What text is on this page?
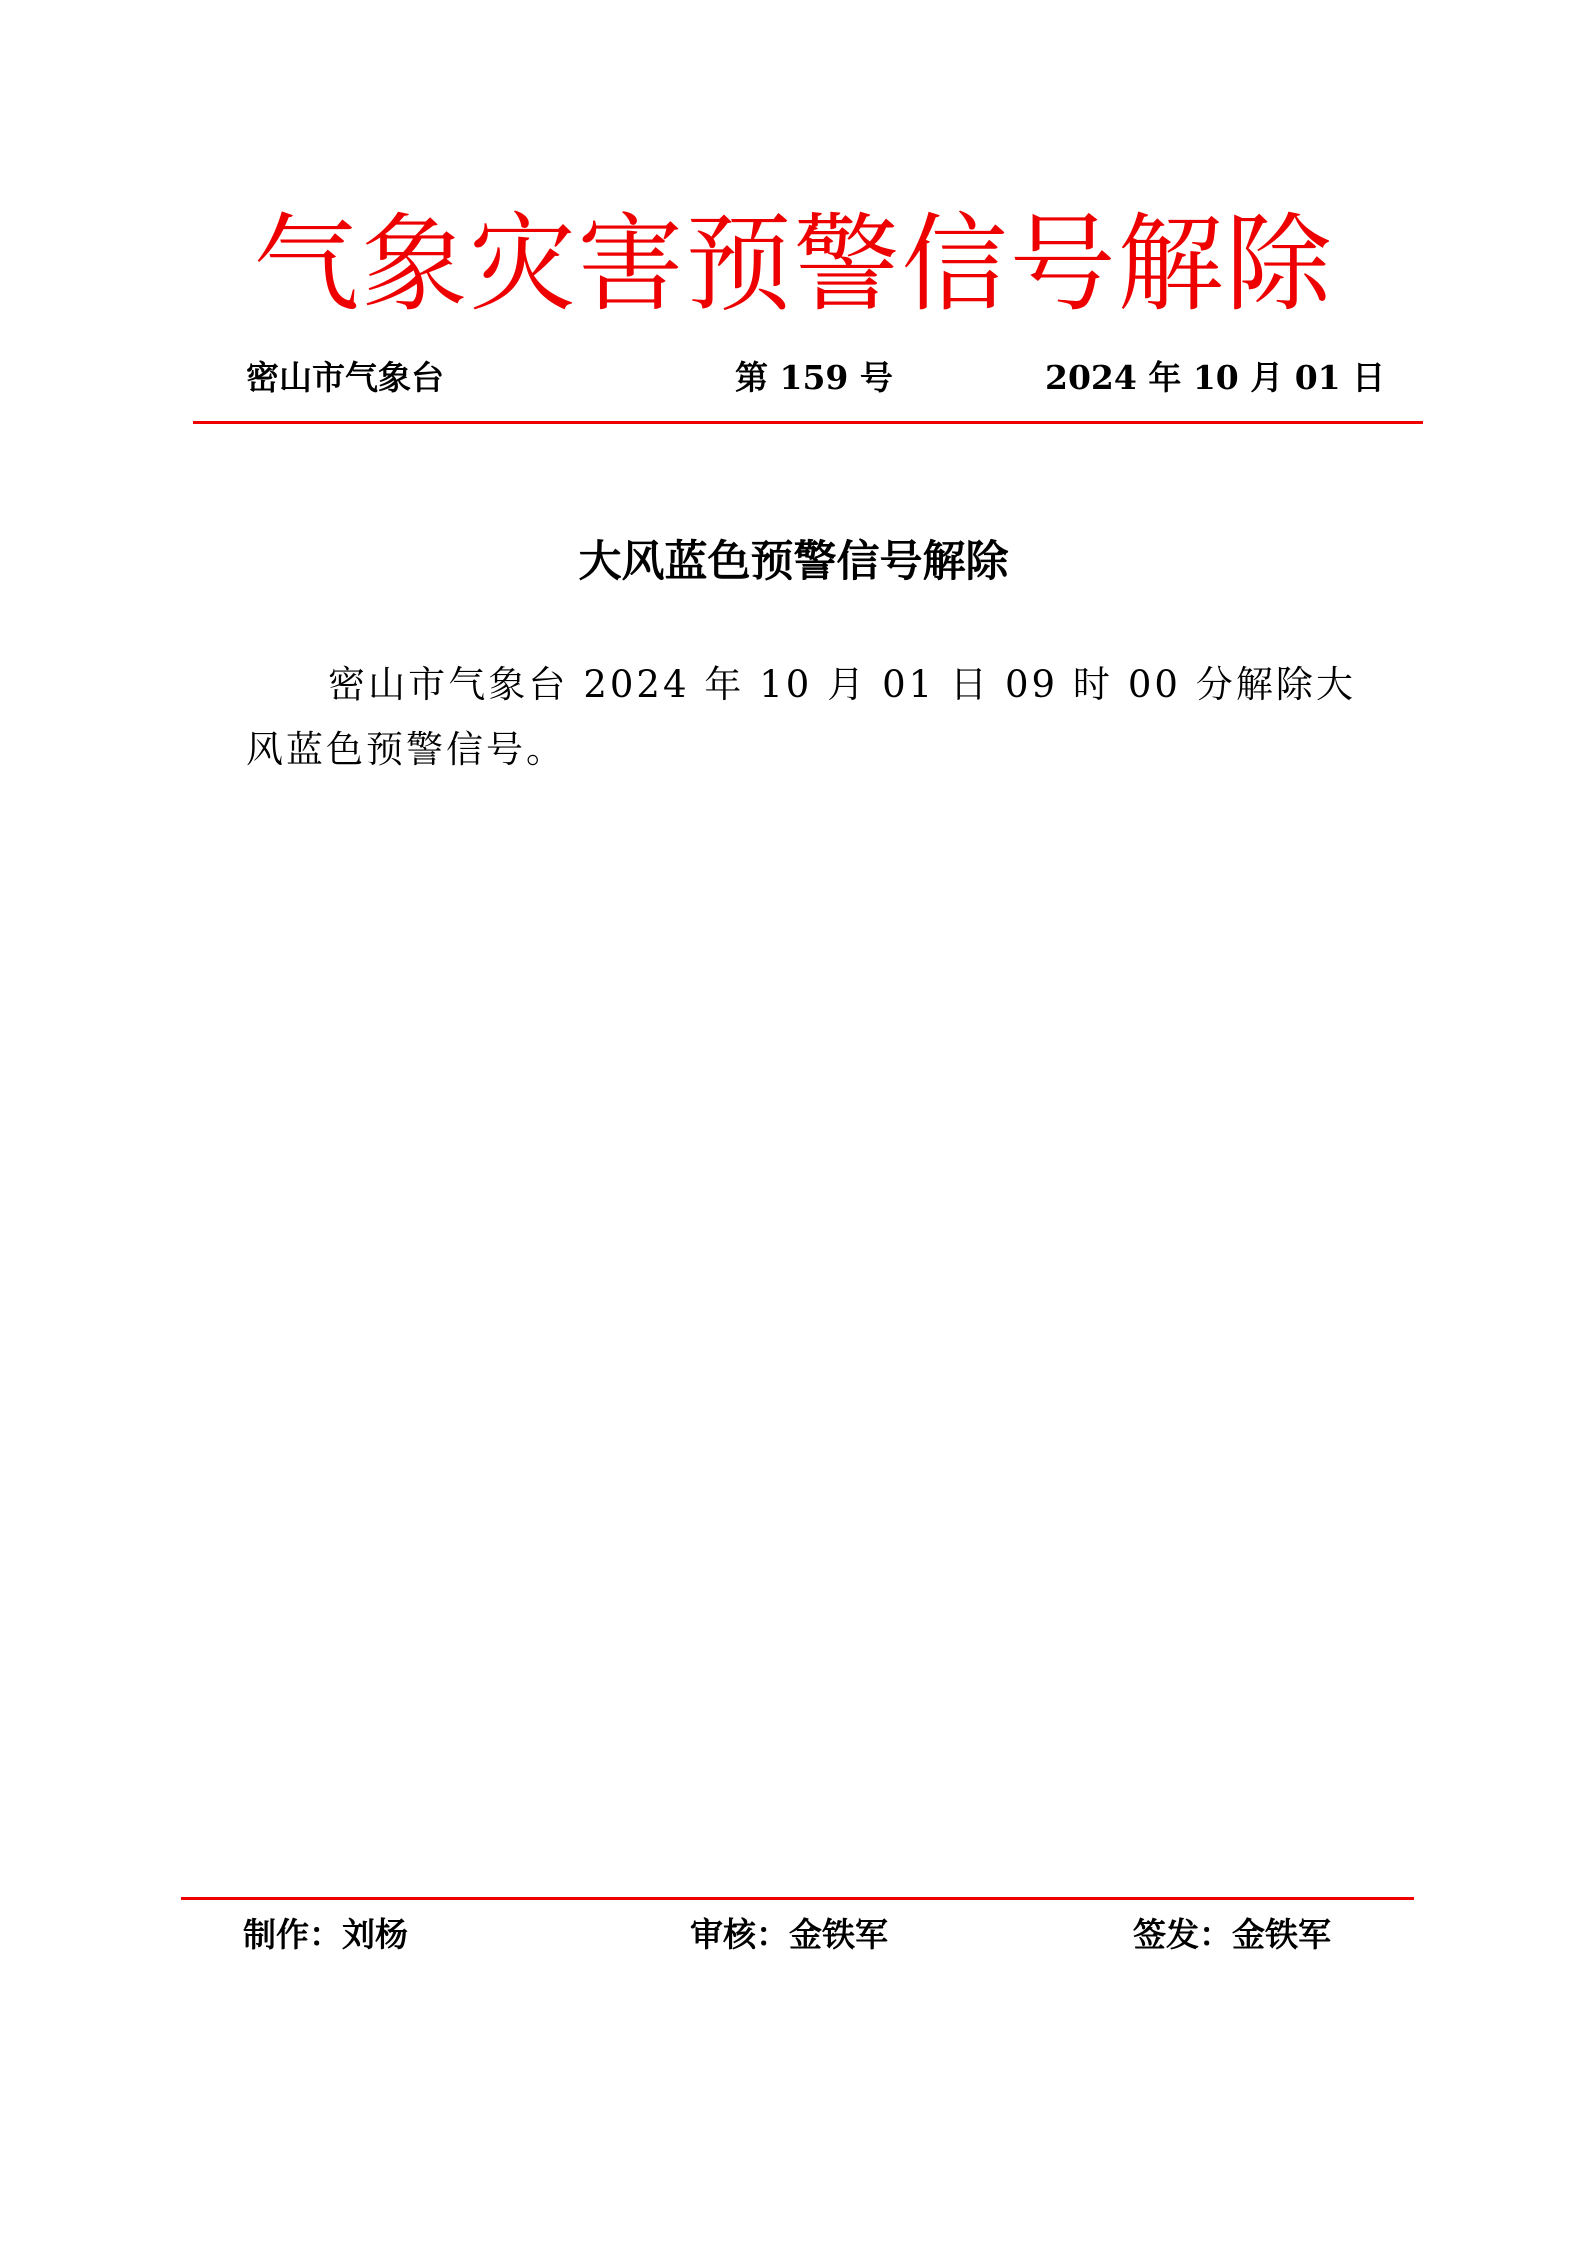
气象灾害预警信号解除
密山市气象台	第 159 号	2024 年 10 月 01 日
大风蓝色预警信号解除

密山市气象台 2024 年 10 月 01 日 09 时 00 分解除大风蓝色预警信号。

制作：刘杨	审核：金铁军	签发：金铁军
